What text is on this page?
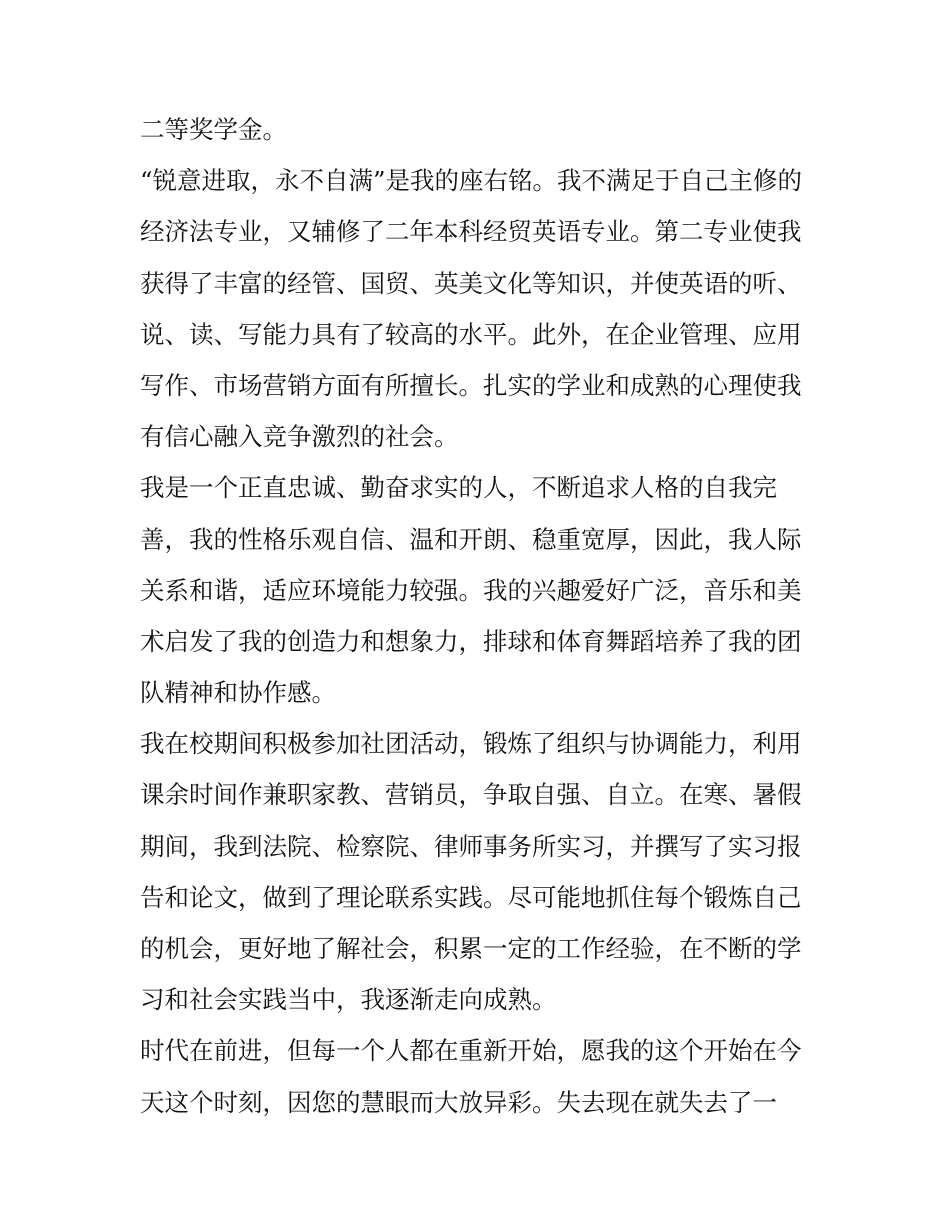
二等奖学金。
“锐意进取，永不自满”是我的座右铭。我不满足于自己主修的
经济法专业，又辅修了二年本科经贸英语专业。第二专业使我
获得了丰富的经管、国贸、英美文化等知识，并使英语的听、
说、读、写能力具有了较高的水平。此外，在企业管理、应用
写作、市场营销方面有所擅长。扎实的学业和成熟的心理使我
有信心融入竞争激烈的社会。
我是一个正直忠诚、勤奋求实的人，不断追求人格的自我完
善，我的性格乐观自信、温和开朗、稳重宽厚，因此，我人际
关系和谐，适应环境能力较强。我的兴趣爱好广泛，音乐和美
术启发了我的创造力和想象力，排球和体育舞蹈培养了我的团
队精神和协作感。
我在校期间积极参加社团活动，锻炼了组织与协调能力，利用
课余时间作兼职家教、营销员，争取自强、自立。在寒、暑假
期间，我到法院、检察院、律师事务所实习，并撰写了实习报
告和论文，做到了理论联系实践。尽可能地抓住每个锻炼自己
的机会，更好地了解社会，积累一定的工作经验，在不断的学
习和社会实践当中，我逐渐走向成熟。
时代在前进，但每一个人都在重新开始，愿我的这个开始在今
天这个时刻，因您的慧眼而大放异彩。失去现在就失去了一
